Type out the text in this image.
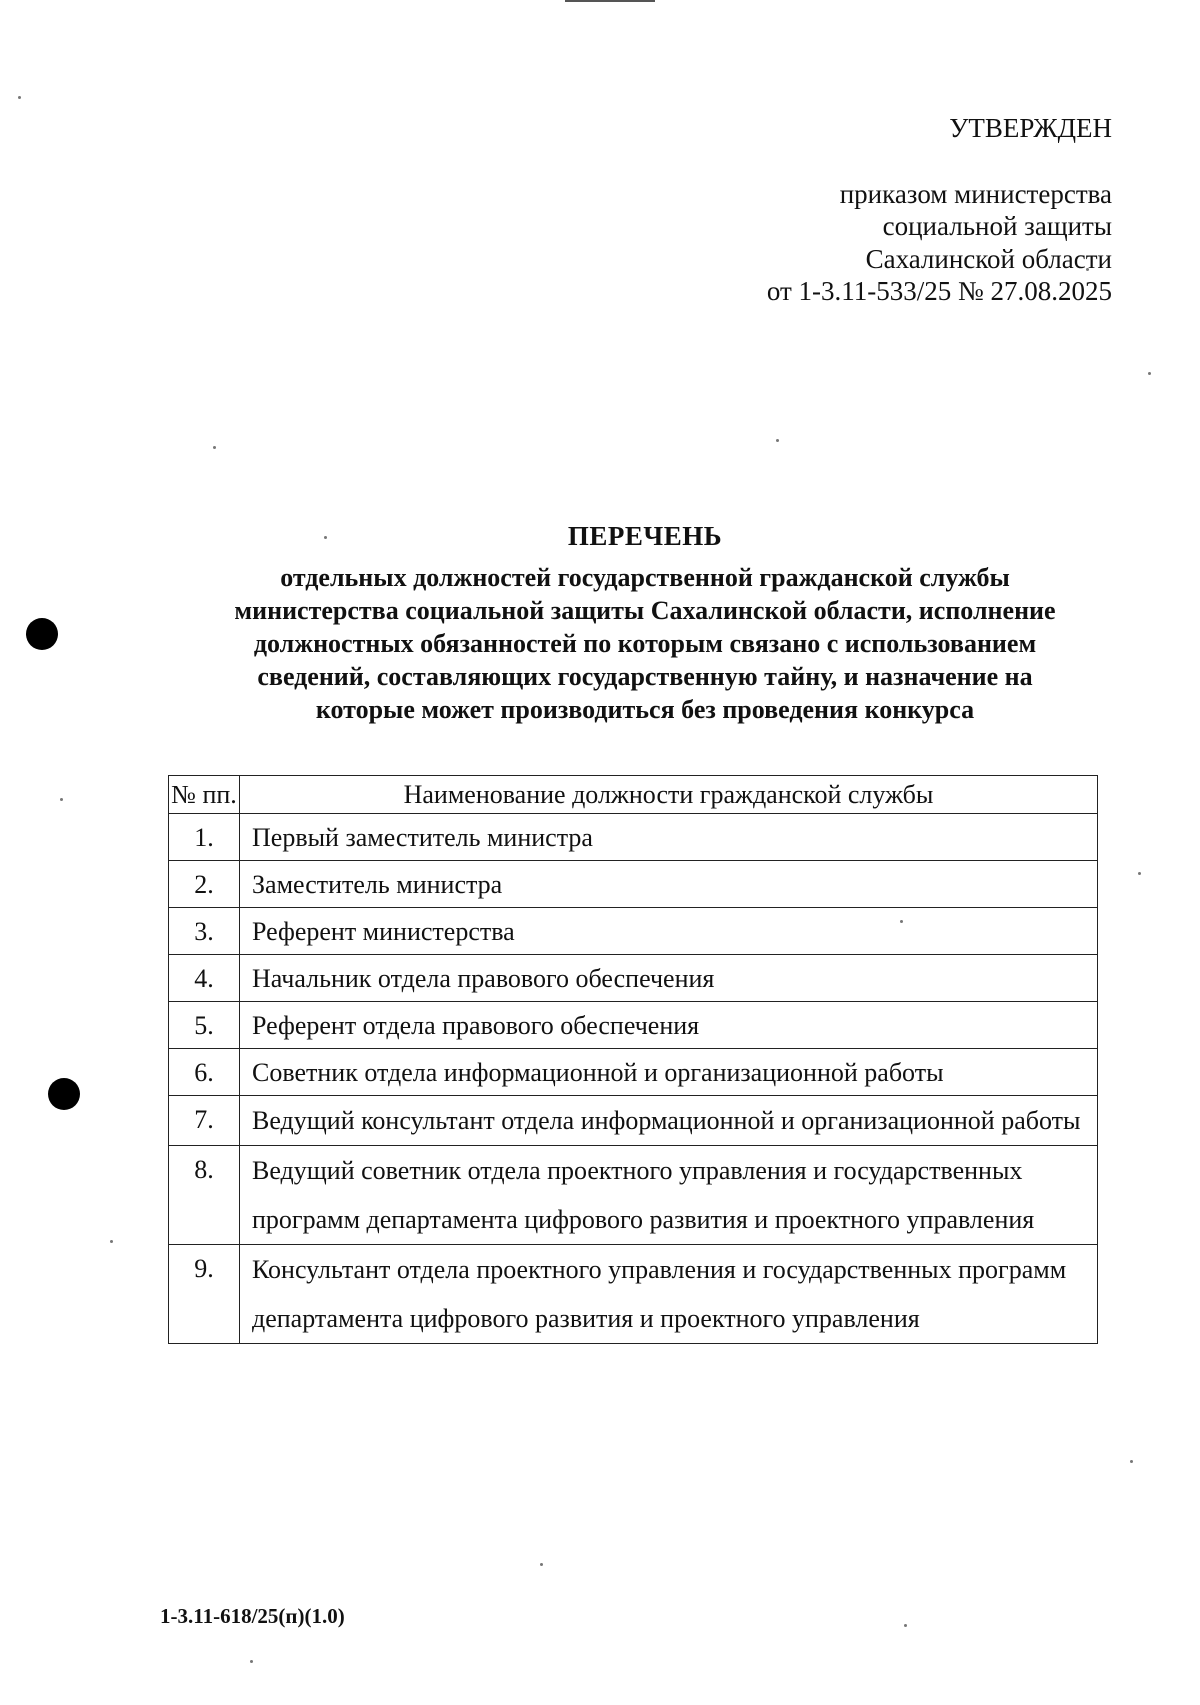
УТВЕРЖДЕН
приказом министерства
социальной защиты
Сахалинской области
от 1-3.11-533/25 № 27.08.2025
ПЕРЕЧЕНЬ
отдельных должностей государственной гражданской службы
министерства социальной защиты Сахалинской области, исполнение
должностных обязанностей по которым связано с использованием
сведений, составляющих государственную тайну, и назначение на
которые может производиться без проведения конкурса
№ пп.	Наименование должности гражданской службы
1.	Первый заместитель министра
2.	Заместитель министра
3.	Референт министерства
4.	Начальник отдела правового обеспечения
5.	Референт отдела правового обеспечения
6.	Советник отдела информационной и организационной работы
7.	Ведущий консультант отдела информационной и организационной работы
8.	Ведущий советник отдела проектного управления и государственных программ департамента цифрового развития и проектного управления
9.	Консультант отдела проектного управления и государственных программ департамента цифрового развития и проектного управления
1-3.11-618/25(п)(1.0)
